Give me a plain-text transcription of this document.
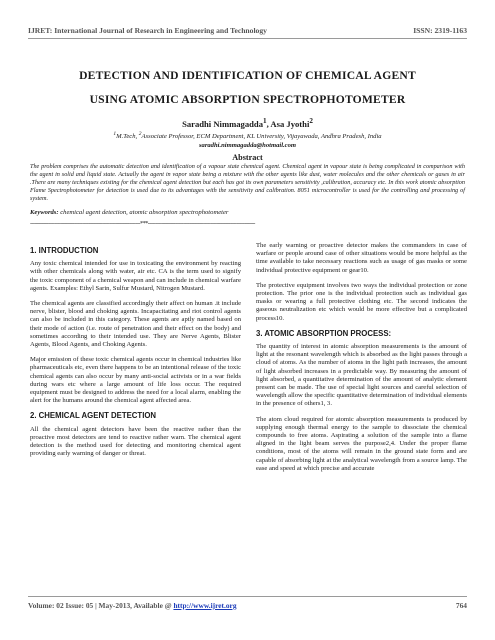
IJRET: International Journal of Research in Engineering and Technology	ISSN: 2319-1163
DETECTION AND IDENTIFICATION OF CHEMICAL AGENT
USING ATOMIC ABSORPTION SPECTROPHOTOMETER
Saradhi Nimmagadda$^1$, Asa Jyothi$^2$
$^1$M.Tech, $^2$Associate Professor, ECM Department, KL University, Vijayawada, Andhra Pradesh, India
saradhi.nimmagadda@hotmail.com
Abstract
The problem comprises the automatic detection and identification of a vapour state chemical agent. Chemical agent in vapour state is being complicated in comparison with the agent in solid and liquid state. Actually the agent in vapor state being a mixture with the other agents like dust, water molecules and the other chemicals or gases in air .There are many techniques existing for the chemical agent detection but each has got its own parameters sensitivity ,calibration, accuracy etc. In this work atomic absorption Flame Spectrophotometer for detection is used due to its advantages with the sensitivity and calibration. 8051 microcontroller is used for the controlling and processing of system.
Keywords: chemical agent detection, atomic absorption spectrophotometer
------------------------------------------------------------------------***----------------------------------------------------------------------
1. INTRODUCTION

Any toxic chemical intended for use in toxicating the environment by reacting with other chemicals along with water, air etc. CA is the term used to signify the toxic component of a chemical weapon and can include in chemical warfare agents. Examples: Ethyl Sarin, Sulfur Mustard, Nitrogen Mustard.

The chemical agents are classified accordingly their affect on human .it include nerve, blister, blood and choking agents. Incapacitating and riot control agents can also be included in this category. These agents are aptly named based on their mode of action (i.e. route of penetration and their effect on the body) and sometimes according to their intended use. They are Nerve Agents, Blister Agents, Blood Agents, and Choking Agents.

Major emission of these toxic chemical agents occur in chemical industries like pharmaceuticals etc, even there happens to be an intentional release of the toxic chemical agents can also occur by many anti-social activists or in a war fields during wars etc where a large amount of life loss occur. The required equipment must be designed to address the need for a local alarm, enabling the alert for the humans around the chemical agent affected area.

2. CHEMICAL AGENT DETECTION

All the chemical agent detectors have been the reactive rather than the proactive most detectors are tend to reactive rather warn. The chemical agent detection is the method used for detecting and monitoring chemical agent providing early warning of danger or threat.

The early warning or proactive detector makes the commanders in case of warfare or people around case of other situations would be more helpful as the time available to take necessary reactions such as usage of gas masks or some individual protective equipment or gear10.

The protective equipment involves two ways the individual protection or zone protection. The prior one is the individual protection such as individual gas masks or wearing a full protective clothing etc. The second indicates the gaseous neutralization etc which would be more effective but a complicated process10.

3. ATOMIC ABSORPTION PROCESS:

The quantity of interest in atomic absorption measurements is the amount of light at the resonant wavelength which is absorbed as the light passes through a cloud of atoms. As the number of atoms in the light path increases, the amount of light absorbed increases in a predictable way. By measuring the amount of light absorbed, a quantitative determination of the amount of analytic element present can be made. The use of special light sources and careful selection of wavelength allow the specific quantitative determination of individual elements in the presence of others1, 3.

The atom cloud required for atomic absorption measurements is produced by supplying enough thermal energy to the sample to dissociate the chemical compounds to free atoms. Aspirating a solution of the sample into a flame aligned in the light beam serves the purpose2,4. Under the proper flame conditions, most of the atoms will remain in the ground state form and are capable of absorbing light at the analytical wavelength from a source lamp. The ease and speed at which precise and accurate

Volume: 02 Issue: 05 | May-2013, Available @ http://www.ijret.org	764
